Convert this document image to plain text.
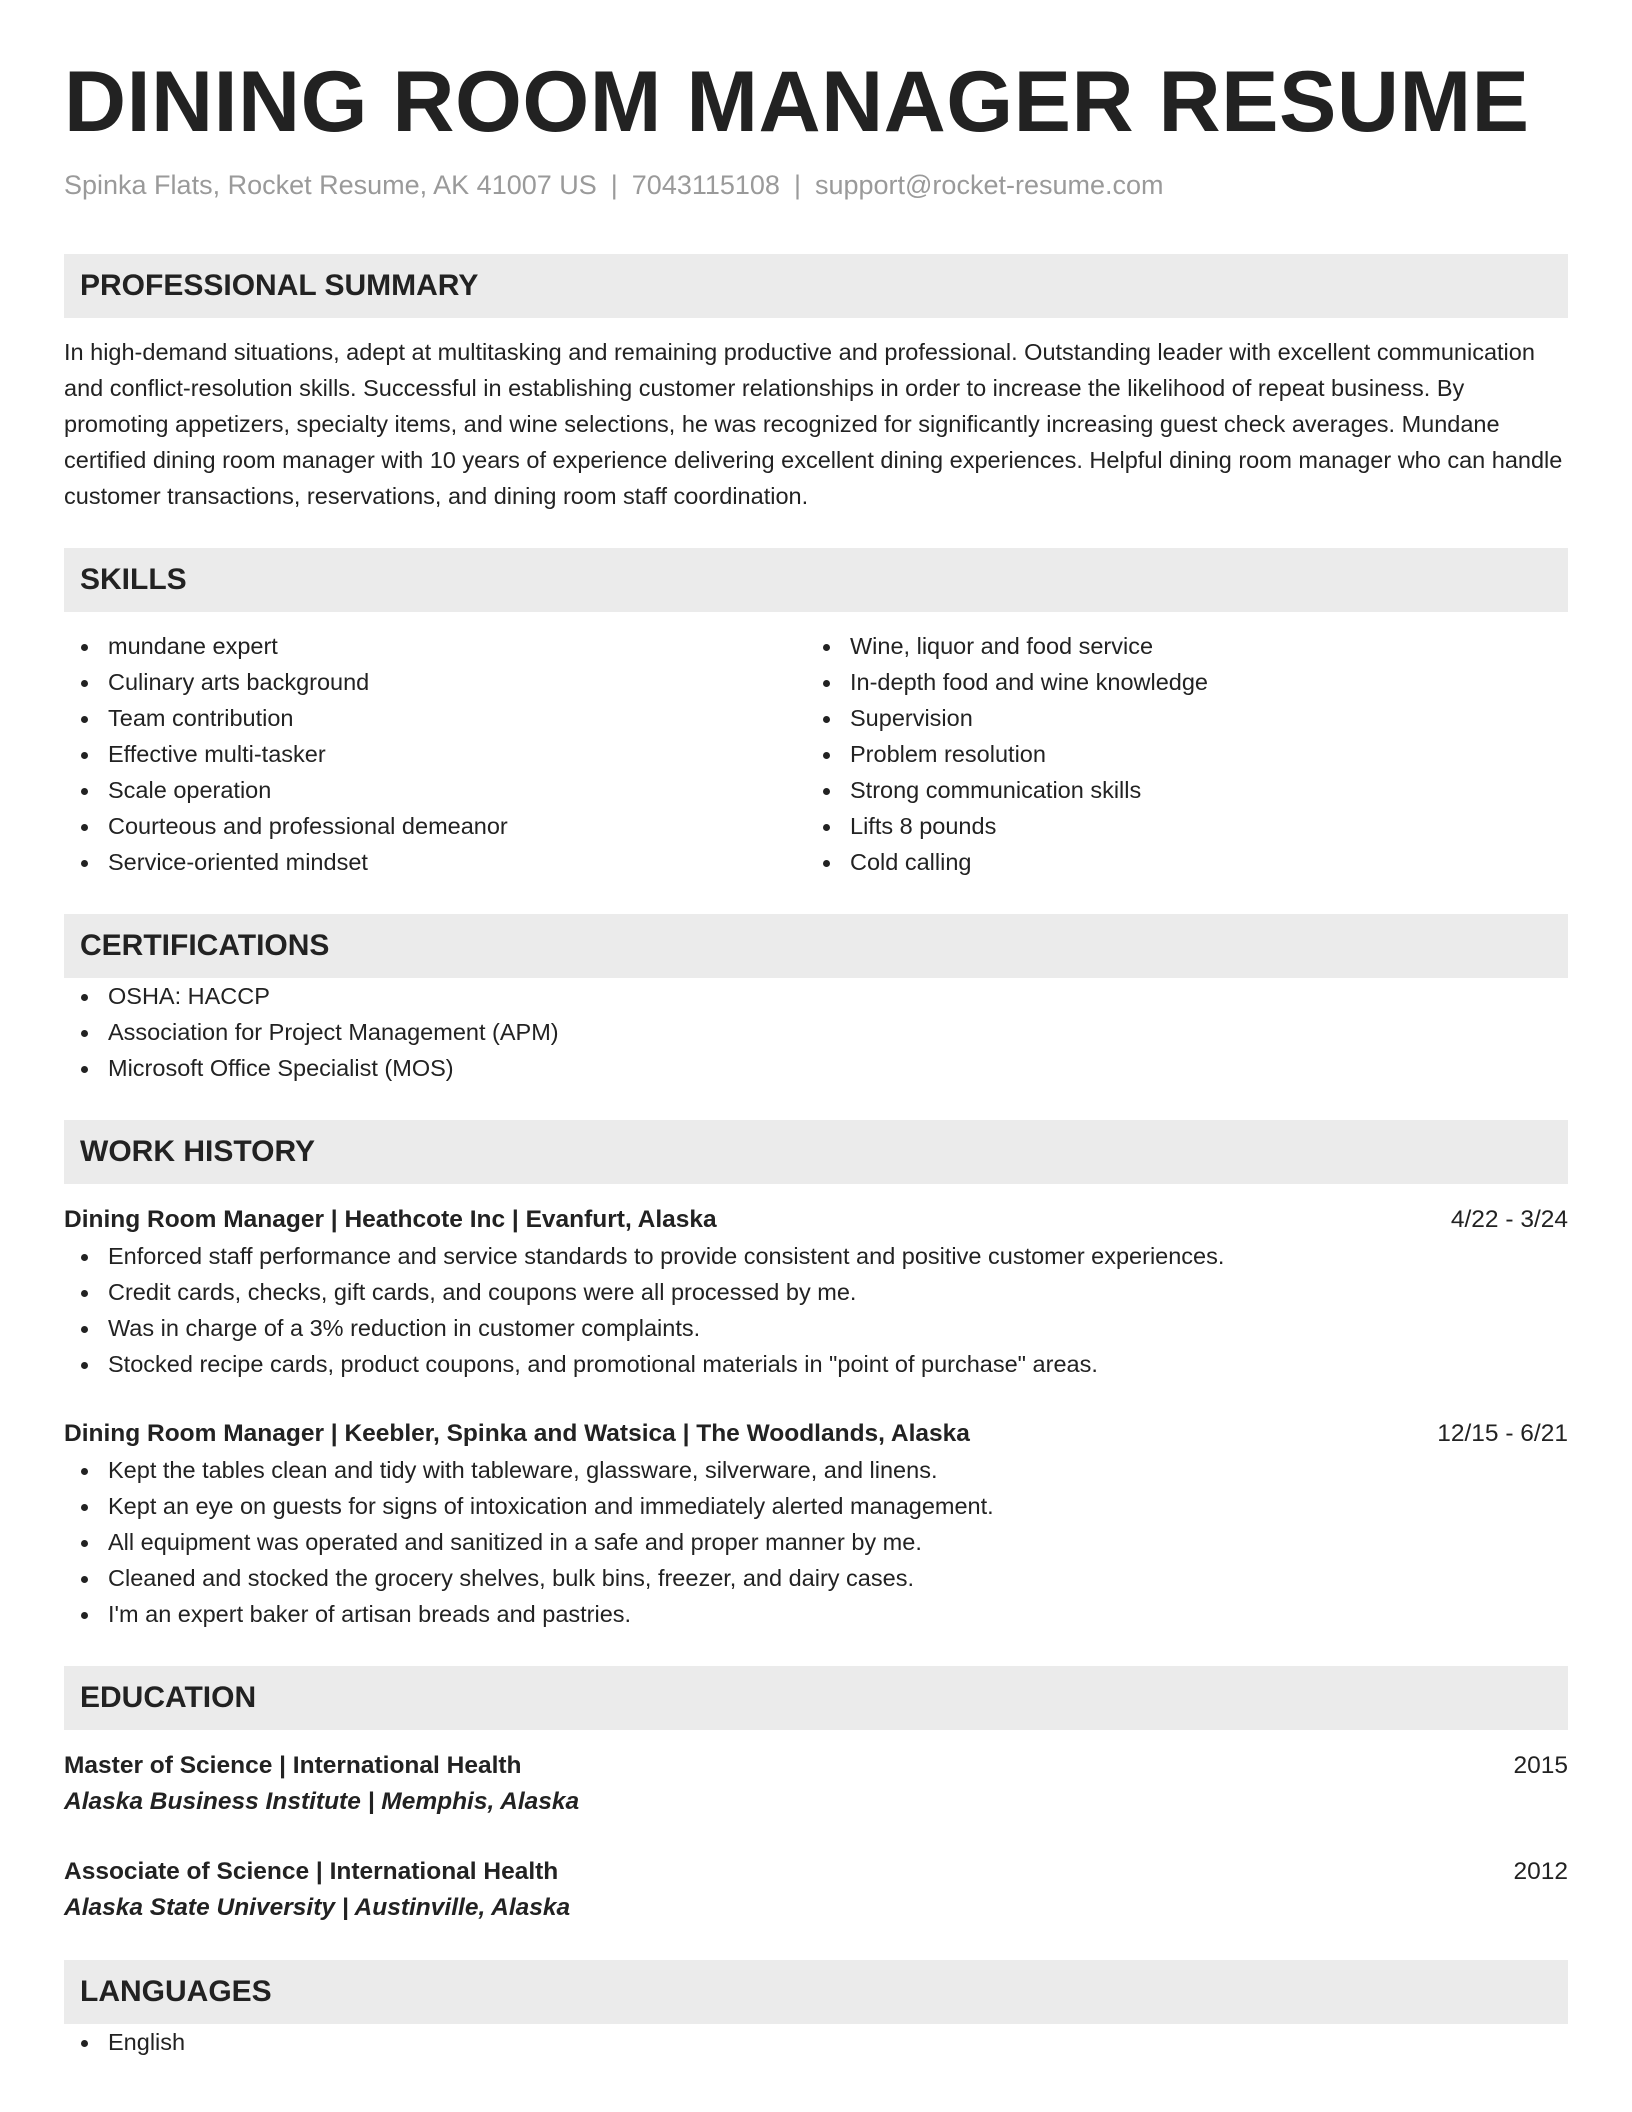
DINING ROOM MANAGER RESUME
Spinka Flats, Rocket Resume, AK 41007 US | 7043115108 | support@rocket-resume.com
PROFESSIONAL SUMMARY
In high-demand situations, adept at multitasking and remaining productive and professional. Outstanding leader with excellent communication and conflict-resolution skills. Successful in establishing customer relationships in order to increase the likelihood of repeat business. By promoting appetizers, specialty items, and wine selections, he was recognized for significantly increasing guest check averages. Mundane certified dining room manager with 10 years of experience delivering excellent dining experiences. Helpful dining room manager who can handle customer transactions, reservations, and dining room staff coordination.
SKILLS
mundane expert
Culinary arts background
Team contribution
Effective multi-tasker
Scale operation
Courteous and professional demeanor
Service-oriented mindset
Wine, liquor and food service
In-depth food and wine knowledge
Supervision
Problem resolution
Strong communication skills
Lifts 8 pounds
Cold calling
CERTIFICATIONS
OSHA: HACCP
Association for Project Management (APM)
Microsoft Office Specialist (MOS)
WORK HISTORY
Dining Room Manager | Heathcote Inc | Evanfurt, Alaska	4/22 - 3/24
Enforced staff performance and service standards to provide consistent and positive customer experiences.
Credit cards, checks, gift cards, and coupons were all processed by me.
Was in charge of a 3% reduction in customer complaints.
Stocked recipe cards, product coupons, and promotional materials in "point of purchase" areas.
Dining Room Manager | Keebler, Spinka and Watsica | The Woodlands, Alaska	12/15 - 6/21
Kept the tables clean and tidy with tableware, glassware, silverware, and linens.
Kept an eye on guests for signs of intoxication and immediately alerted management.
All equipment was operated and sanitized in a safe and proper manner by me.
Cleaned and stocked the grocery shelves, bulk bins, freezer, and dairy cases.
I'm an expert baker of artisan breads and pastries.
EDUCATION
Master of Science | International Health	2015
Alaska Business Institute | Memphis, Alaska
Associate of Science | International Health	2012
Alaska State University | Austinville, Alaska
LANGUAGES
English
